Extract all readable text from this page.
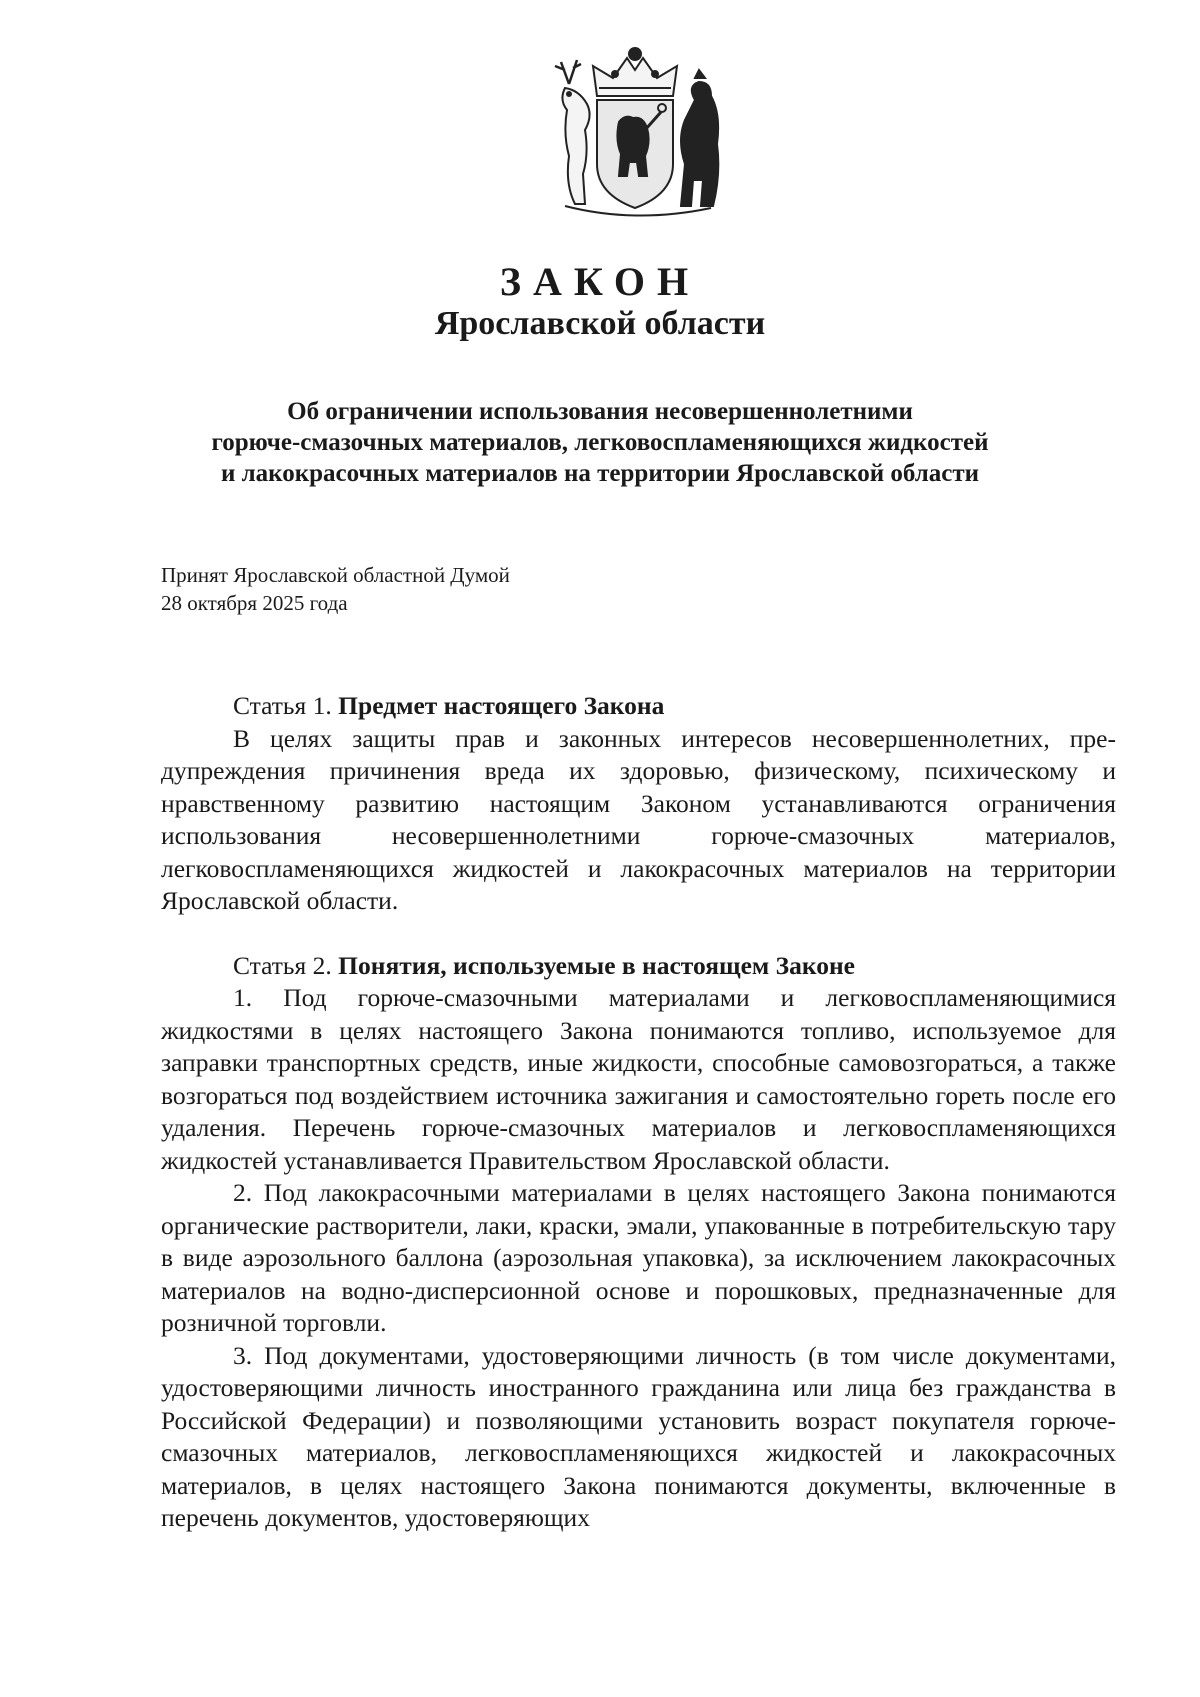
ЗАКОН
Ярославской области
Об ограничении использования несовершеннолетними
горюче-смазочных материалов, легковоспламеняющихся жидкостей
и лакокрасочных материалов на территории Ярославской области
Принят Ярославской областной Думой
28 октября 2025 года

Статья 1. Предмет настоящего Закона

В целях защиты прав и законных интересов несовершеннолетних, предупреждения причинения вреда их здоровью, физическому, психическому и нравственному развитию настоящим Законом устанавливаются ограничения использования несовершеннолетними горюче-смазочных материалов, легковоспламеняющихся жидкостей и лакокрасочных материалов на территории Ярославской области.

Статья 2. Понятия, используемые в настоящем Законе

1. Под горюче-смазочными материалами и легковоспламеняющимися жидкостями в целях настоящего Закона понимаются топливо, используемое для заправки транспортных средств, иные жидкости, способные самовозгораться, а также возгораться под воздействием источника зажигания и самостоятельно гореть после его удаления. Перечень горюче-смазочных материалов и легковоспламеняющихся жидкостей устанавливается Правительством Ярославской области.

2. Под лакокрасочными материалами в целях настоящего Закона понимаются органические растворители, лаки, краски, эмали, упакованные в потребительскую тару в виде аэрозольного баллона (аэрозольная упаковка), за исключением лакокрасочных материалов на водно-дисперсионной основе и порошковых, предназначенные для розничной торговли.

3. Под документами, удостоверяющими личность (в том числе документами, удостоверяющими личность иностранного гражданина или лица без гражданства в Российской Федерации) и позволяющими установить возраст покупателя горюче-смазочных материалов, легковоспламеняющихся жидкостей и лакокрасочных материалов, в целях настоящего Закона понимаются документы, включенные в перечень документов, удостоверяющих
